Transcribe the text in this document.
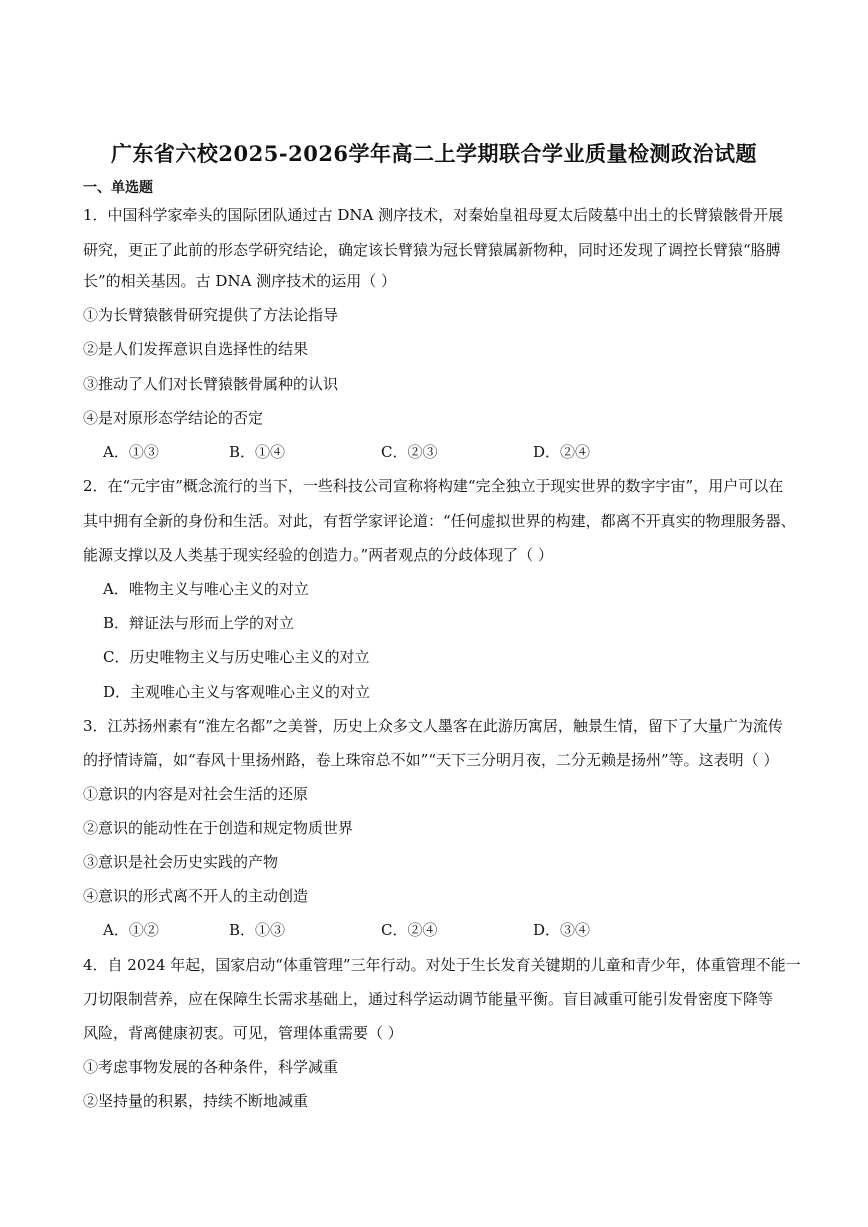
广东省六校2025-2026学年高二上学期联合学业质量检测政治试题
一、单选题
1．中国科学家牵头的国际团队通过古 DNA 测序技术，对秦始皇祖母夏太后陵墓中出土的长臂猿骸骨开展
研究，更正了此前的形态学研究结论，确定该长臂猿为冠长臂猿属新物种，同时还发现了调控长臂猿“胳膊
长”的相关基因。古 DNA 测序技术的运用（ ）
①为长臂猿骸骨研究提供了方法论指导
②是人们发挥意识自选择性的结果
③推动了人们对长臂猿骸骨属种的认识
④是对原形态学结论的否定
A．①③	B．①④	C．②③	D．②④
2．在“元宇宙”概念流行的当下，一些科技公司宣称将构建“完全独立于现实世界的数字宇宙”，用户可以在
其中拥有全新的身份和生活。对此，有哲学家评论道：“任何虚拟世界的构建，都离不开真实的物理服务器、
能源支撑以及人类基于现实经验的创造力。”两者观点的分歧体现了（ ）
A．唯物主义与唯心主义的对立
B．辩证法与形而上学的对立
C．历史唯物主义与历史唯心主义的对立
D．主观唯心主义与客观唯心主义的对立
3．江苏扬州素有“淮左名都”之美誉，历史上众多文人墨客在此游历寓居，触景生情，留下了大量广为流传
的抒情诗篇，如“春风十里扬州路，卷上珠帘总不如”“天下三分明月夜，二分无赖是扬州”等。这表明（ ）
①意识的内容是对社会生活的还原
②意识的能动性在于创造和规定物质世界
③意识是社会历史实践的产物
④意识的形式离不开人的主动创造
A．①②	B．①③	C．②④	D．③④
4．自 2024 年起，国家启动“体重管理”三年行动。对处于生长发育关键期的儿童和青少年，体重管理不能一
刀切限制营养，应在保障生长需求基础上，通过科学运动调节能量平衡。盲目减重可能引发骨密度下降等
风险，背离健康初衷。可见，管理体重需要（ ）
①考虑事物发展的各种条件，科学减重
②坚持量的积累，持续不断地减重
